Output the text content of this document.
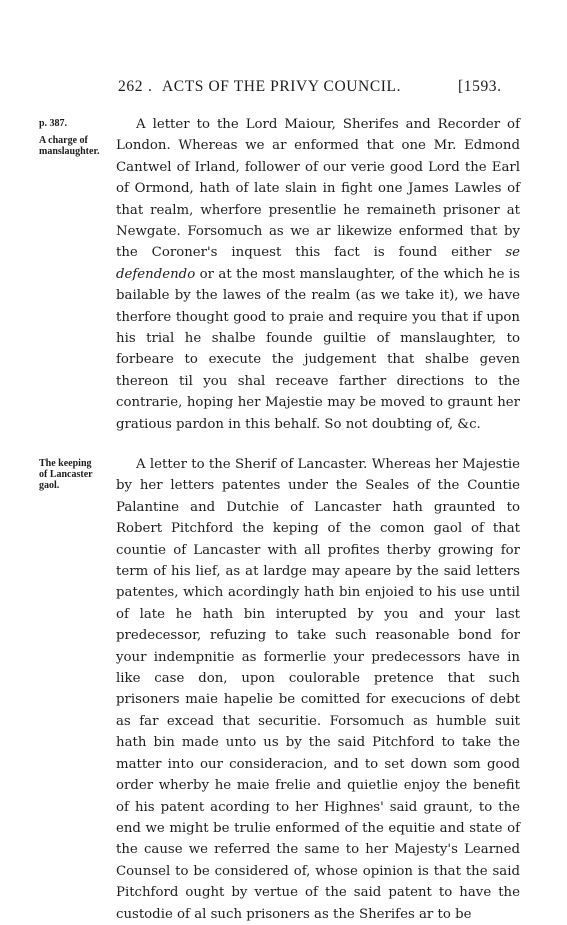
262 . ACTS OF THE PRIVY COUNCIL.	[1593.
p. 387.
A charge of
manslaughter.
A letter to the Lord Maiour, Sherifes and Recorder of London. Whereas we ar enformed that one Mr. Edmond Cantwel of Irland, follower of our verie good Lord the Earl of Ormond, hath of late slain in fight one James Lawles of that realm, wherfore presentlie he remaineth prisoner at Newgate. Forsomuch as we ar likewize enformed that by the Coroner's inquest this fact is found either se defendendo or at the most manslaughter, of the which he is bailable by the lawes of the realm (as we take it), we have therfore thought good to praie and require you that if upon his trial he shalbe founde guiltie of manslaughter, to forbeare to execute the judgement that shalbe geven thereon til you shal receave farther directions to the contrarie, hoping her Majestie may be moved to graunt her gratious pardon in this behalf. So not doubting of, &c.
The keeping
of Lancaster
gaol.
A letter to the Sherif of Lancaster. Whereas her Majestie by her letters patentes under the Seales of the Countie Palantine and Dutchie of Lancaster hath graunted to Robert Pitchford the keping of the comon gaol of that countie of Lancaster with all profites therby growing for term of his lief, as at lardge may apeare by the said letters patentes, which acordingly hath bin enjoied to his use until of late he hath bin interupted by you and your last predecessor, refuzing to take such reasonable bond for your indempnitie as formerlie your predecessors have in like case don, upon coulorable pretence that such prisoners maie hapelie be comitted for execucions of debt as far excead that securitie. Forsomuch as humble suit hath bin made unto us by the said Pitchford to take the matter into our consideracion, and to set down som good order wherby he maie frelie and quietlie enjoy the benefit of his patent acording to her Highnes' said graunt, to the end we might be trulie enformed of the equitie and state of the cause we referred the same to her Majesty's Learned Counsel to be considered of, whose opinion is that the said Pitchford ought by vertue of the said patent to have the custodie of al such prisoners as the Sherifes ar to be
